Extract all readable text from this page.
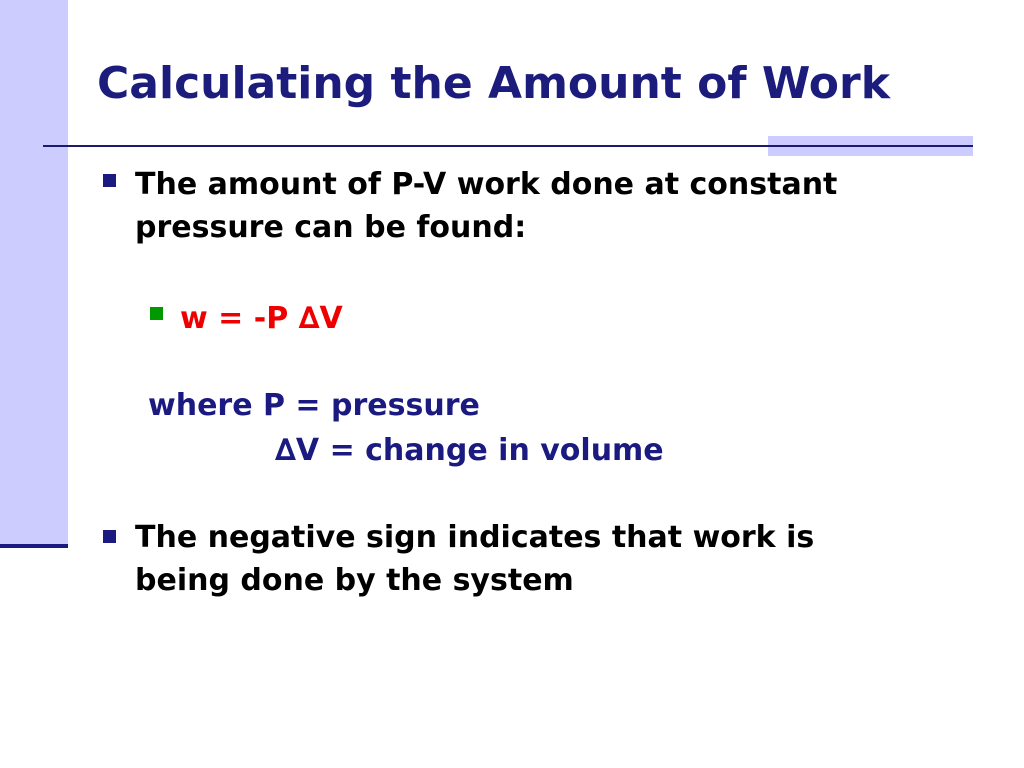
Calculating the Amount of Work
The amount of P-V work done at constant
pressure can be found:
w = -P ∆V
where P = pressure
∆V = change in volume
The negative sign indicates that work is
being done by the system
